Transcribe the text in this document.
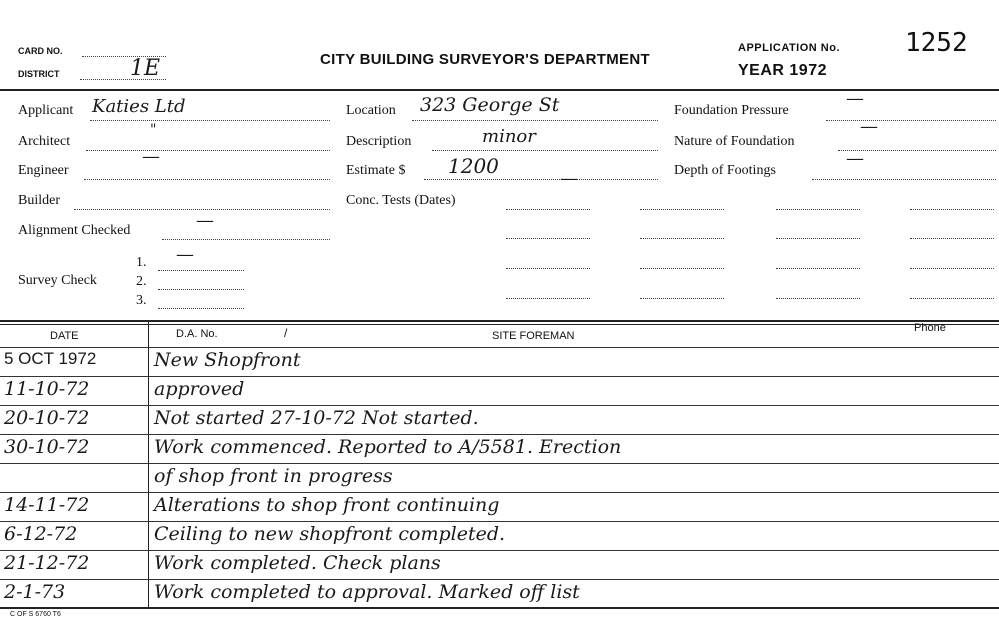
CARD NO.
DISTRICT	1E	CITY BUILDING SURVEYOR'S DEPARTMENT
APPLICATION No. 1252
YEAR 1972
Applicant Katies Ltd
Architect
"
Engineer
—
Builder
Alignment Checked	—
Survey Check
1. —
2.
3.
Location 323 George St
Description	minor
Estimate $ 1200
Conc. Tests (Dates)
—
Foundation Pressure
—
Nature of Foundation
—
Depth of Footings
—
DATE	D.A. No.	/	SITE FOREMAN
Phone
5 OCT 1972	New Shopfront
11-10-72	approved
20-10-72	Not started 27-10-72 Not started.
30-10-72	Work commenced. Reported to A/5581. Erection
of shop front in progress
14-11-72	Alterations to shop front continuing
6-12-72	Ceiling to new shopfront completed.
21-12-72	Work completed. Check plans
2-1-73	Work completed to approval. Marked off list
C OF S 6760 T6
